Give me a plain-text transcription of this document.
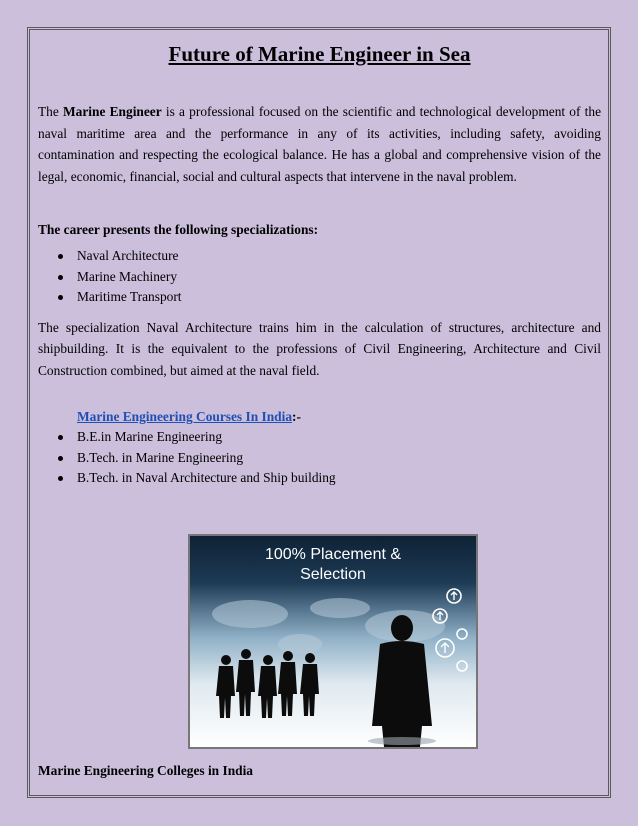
Future of Marine Engineer in Sea

The Marine Engineer is a professional focused on the scientific and technological development of the naval maritime area and the performance in any of its activities, including safety, avoiding contamination and respecting the ecological balance. He has a global and comprehensive vision of the legal, economic, financial, social and cultural aspects that intervene in the naval problem.

The career presents the following specializations:
Naval Architecture
Marine Machinery
Maritime Transport

The specialization Naval Architecture trains him in the calculation of structures, architecture and shipbuilding. It is the equivalent to the professions of Civil Engineering, Architecture and Civil Construction combined, but aimed at the naval field.

Marine Engineering Courses In India:-
B.E.in Marine Engineering
B.Tech. in Marine Engineering
B.Tech. in Naval Architecture and Ship building
100% Placement &
Selection
Marine Engineering Colleges in India
